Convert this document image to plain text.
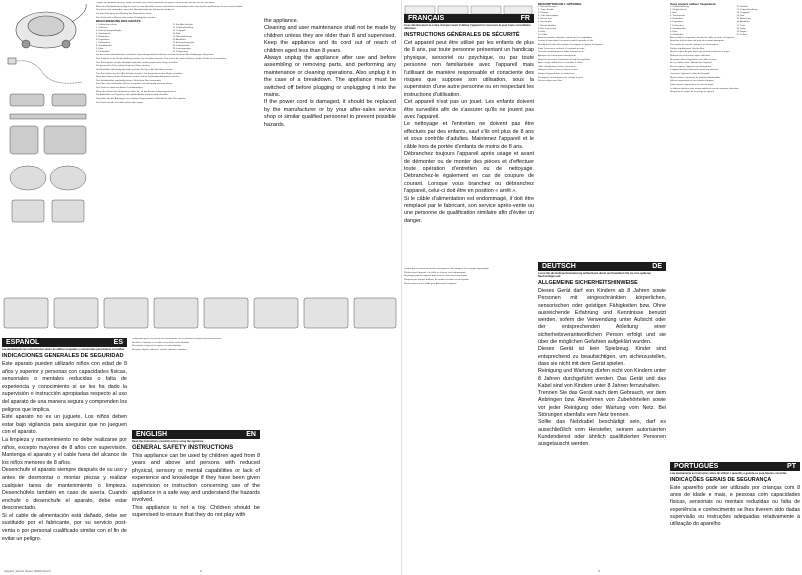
Tragen Sie die Abdeckung ab, indem Sie diese nach außen abziehen und ziehen Sie dann den Stecker aus der Steckdose.

Wenn das Netzkabel beschädigt ist, muss es vom Hersteller, seinem autorisierten Kundendienst oder einer ähnlich qualifizierten Person ersetzt werden.

Das Gerät nicht verwenden, wenn das Netzkabel oder der Stecker beschädigt ist.

Vor jeder Reinigung und Wartung den Netzstecker ziehen.

Das Gerät nicht in Wasser oder andere Flüssigkeiten tauchen.

BESCHREIBUNG DES GERÄTS
1. Schlauchanschluss
2. Schlauch
3. Griff mit Saugkraftregler
4. Teleskoprohr
5. Bodendüse
6. Fugendüse
7. Polsterdüse
8. Staubbehälter
9. Filter
10. Netzkabel
11. Ein-/Aus-Schalter
12. Kabelaufwicklung
13. Tragegriff
14. Rad
15. Filterabdeckung
16. Abluftfilter
17. Entriegelungstaste
18. Zubehörhalter
19. Leistungsregler
20. Parkposition

Vor der ersten Inbetriebnahme sämtliches Verpackungsmaterial entfernen und das Gerät auf Beschädigungen überprüfen.

Den Schlauch in die Schlauchöffnung stecken, bis er hörbar einrastet. Zum Lösen die Tasten drücken und den Schlauch herausziehen.

Das Teleskoprohr mit dem Handgriff verbinden und die gewünschte Länge einstellen.

Die gewünschte Düse auf das Ende des Rohrs stecken.

Das Netzkabel vollständig abwickeln und den Stecker in die Steckdose stecken.

Zum Einschalten den Ein-/Aus-Schalter drücken. Die Saugkraft mit dem Regler einstellen.

Nach dem Gebrauch den Netzstecker ziehen und die Kabelaufwicklungstaste drücken.

Den Staubbehälter regelmäßig leeren. Nicht ohne Filter verwenden.

Den Filter unter fließendem Wasser ausspülen und vollständig trocknen lassen.

Das Gerät an einem trockenen Ort aufbewahren.

Wenn das Gerät nicht funktioniert, prüfen Sie, ob der Stecker richtig eingesteckt ist.

Die Bodendüse auf Teppichen oder glatten Böden entsprechend einstellen.

Vermeiden Sie das Aufsaugen von scharfen Gegenständen, heißer Asche oder Flüssigkeiten.

Das Gerät niemals am Kabel ziehen oder tragen.

ESPAÑOL	ES
Lea atentamente las instrucciones antes de utilizar el aparato y consérvelas para futuras consultas.
INDICACIONES GENERALES DE SEGURIDAD

Este aparato pueden utilizarlo niños con edad de 8 años y superior y personas con capacidades físicas, sensoriales o mentales reducidas o falta de experiencia y conocimiento si se les ha dado la supervisión o instrucción apropiadas respecto al uso del aparato de una manera segura y comprenden los peligros que implica.

Este aparato no es un juguete. Los niños deben estar bajo vigilancia para asegurar que no jueguen con el aparato.

La limpieza y mantenimiento no debe realizarse por niños, excepto mayores de 8 años con supervisión. Mantenga el aparato y el cable fuera del alcance de los niños menores de 8 años.

Desenchufe el aparato siempre después de su uso y antes de desmontar o montar piezas y realizar cualquier tarea de mantenimiento o limpieza. Desenchúfelo también en caso de avería. Cuando enchufe o desenchufe el aparato, debe estar desconectado.

Si el cable de alimentación está dañado, debe ser sustituido por el fabricante, por su servicio post-venta o por personal cualificado similar con el fin de evitar un peligro.

Compruebe que la tensión de red corresponda con la indicada en la placa de características.

No utilice el aparato si el cable o el enchufe están dañados.

No sumerja el aparato en agua ni en otros líquidos.

No aspire objetos ardientes, cenizas calientes o líquidos.

ENGLISH	EN
Read the instructions carefully before using the appliance.
GENERAL SAFETY INSTRUCTIONS

This appliance can be used by children aged from 8 years and above and persons with reduced physical, sensory or mental capabilities or lack of experience and knowledge if they have been given supervision or instruction concerning use of the appliance in a safe way and understand the hazards involved.

This appliance is not a toy. Children should be supervised to ensure that they do not play with

the appliance.

Cleaning and user maintenance shall not be made by children unless they are older than 8 and supervised. Keep the appliance and its cord out of reach of children aged less than 8 years.

Always unplug the appliance after use and before assembling or removing parts, and performing any maintenance or cleaning operations. Also unplug it in the case of a breakdown. The appliance must be switched off before plugging or unplugging it into the mains.

If the power cord is damaged, it should be replaced by the manufacturer or by your after-sales service shop or similar qualified personnel to prevent possible hazards.

Aspirador_Vacuum Cleaner 1800W.indd 2-3	2
FRANÇAIS	FR
Lisez attentivement la notice d'emploi avant d'utiliser l'appareil et conservez-la pour toute consultation ultérieure.
INSTRUCTIONS GÉNÉRALES DE SÉCURITÉ

Cet appareil peut être utilisé par les enfants de plus de 8 ans, par toute personne présentant un handicap physique, sensoriel ou psychique, ou par toute personne non familiarisée avec l'appareil mais l'utilisant de manière responsable et consciente des risques que suppose son utilisation, sous la supervision d'une autre personne ou en respectant les instructions d'utilisation.

Cet appareil n'est pas un jouet. Les enfants doivent être surveillés afin de s'assurer qu'ils ne jouent pas avec l'appareil.

Le nettoyage et l'entretien ne doivent pas être effectués par des enfants, sauf s'ils ont plus de 8 ans et sous contrôle d'adultes. Maintenez l'appareil et le câble hors de portée d'enfants de moins de 8 ans.

Débranchez toujours l'appareil après usage et avant de démonter ou de monter des pièces et d'effectuer toute opération d'entretien ou de nettoyage. Débranchez-le également en cas de coupure de courant. Lorsque vous branchez ou débranchez l'appareil, celui-ci doit être en position « arrêt ».

Si le câble d'alimentation est endommagé, il doit être remplacé par le fabricant, son service après-vente ou une personne de qualification similaire afin d'éviter un danger.

Vérifiez que la tension du réseau correspond à celle indiquée sur la plaque signalétique.

N'utilisez pas l'appareil si le câble ou la prise sont endommagés.

Ne plongez jamais l'appareil dans l'eau ou dans tout autre liquide.

N'aspirez pas d'objets brûlants, de cendres chaudes ou de liquides.

Ne tirez jamais sur le câble pour débrancher l'appareil.

DESCRIPTION DE L'APPAREIL
1. Raccord de tuyau
2. Tuyau flexible
3. Poignée
4. Tube télescopique
5. Brosse sols
6. Suceur plat
7. Brosse meubles
8. Bac à poussière
9. Filtre
10. Câble

Avant la première utilisation, retirez tous les emballages.

Insérez le tuyau dans l'ouverture jusqu'à entendre un clic.

Assemblez le tube télescopique à la poignée et ajustez la longueur.

Fixez l'accessoire souhaité à l'extrémité du tube.

Déroulez complètement le câble et branchez-le.

Appuyez sur l'interrupteur marche/arrêt.

Réglez la puissance d'aspiration à l'aide du régulateur.

Après usage, débranchez et enroulez le câble.

Videz régulièrement le bac à poussière.

Nettoyez le filtre à l'eau et laissez sécher.

Rangez l'appareil dans un endroit sec.

Si l'appareil ne fonctionne pas, vérifiez la prise.

Ne pas utiliser sans filtre.

DEUTSCH	DE
Lesen Sie die Gebrauchsanweisung aufmerksam durch und bewahren Sie sie zum späteren Nachschlagen auf.
ALLGEMEINE SICHERHEITSHINWEISE

Dieses Gerät darf von Kindern ab 8 Jahren sowie Personen mit eingeschränkten körperlichen, sensorischen oder geistigen Fähigkeiten bzw. Ohne ausreichende Erfahrung und Kenntnisse benutzt werden, sofern die Verwendung unter Aufsicht oder der entsprechenden Anleitung einer sicherheitsverantwortlichen Person erfolgt und sie über die möglichen Gefahren aufgeklärt wurden.

Dieses Gerät ist kein Spielzeug. Kinder sind entsprechend zu beaufsichtigen, um sicherzustellen, dass sie nicht mit dem Gerät spielen.

Reinigung und Wartung dürfen nicht von Kindern unter 8 Jahren durchgeführt werden. Das Gerät und das Kabel sind von Kindern unter 8 Jahren fernzuhalten.

Trennen Sie das Gerät nach dem Gebrauch, vor dem Anbringen bzw. Abnehmen von Zubehörteilen sowie vor jeder Reinigung oder Wartung vom Netz. Bei Störungen ebenfalls vom Netz trennen.

Sollte das Netzkabel beschädigt sein, darf es ausschließlich vom Hersteller, seinem autorisierten Kundendienst oder ähnlich qualifizierten Personen ausgetauscht werden.

Vous pouvez utiliser l'aspirateur
1. Schlauchöffnung
2. Saugschlauch
3. Griff
4. Teleskoprohr
5. Bodendüse
6. Fugendüse
7. Polsterdüse
8. Staubbehälter
9. Filter
10. Netzkabel
11. Schalter
12. Kabelaufwicklung
13. Tragegriff
14. Rad
15. Abdeckung
16. Abluftfilter
17. Taste
18. Halter
19. Regler
20. Parken

Avant d'utiliser l'aspirateur, déroulez le câble sur toute sa longueur.

Branchez la fiche dans une prise de courant appropriée.

Pour mettre en marche, appuyez sur l'interrupteur.

Vérifiez régulièrement l'état du filtre.

Ne pas aspirer de gros objets qui pourraient obstruer le tuyau.

Nettoyez les accessoires après utilisation.

Ne jamais utiliser l'aspirateur sans filtre en place.

En cas d'obstruction, débranchez l'appareil.

Ne pas exposer l'appareil aux intempéries.

L'appareil doit être débranché avant tout entretien.

Conservez l'appareil à l'abri de l'humidité.

Ne pas utiliser à proximité de produits inflammables.

Utilisez uniquement les accessoires d'origine.

Faites réparer l'appareil par un service agréé.

Le fabricant décline toute responsabilité en cas de mauvaise utilisation.

Respectez les règles de recyclage en vigueur.

PORTUGUÊS	PT
Leia atentamente as instruções antes de utilizar o aparelho e guarde-as para futuras consultas.
INDICAÇÕES GERAIS DE SEGURANÇA

Este aparelho pode ser utilizado por crianças com 8 anos de idade e mais, e pessoas com capacidades físicas, sensoriais ou mentais reduzidas ou falta de experiência e conhecimento se lhes tiverem sido dadas supervisão ou instruções adequadas relativamente à utilização do aparelho

3
